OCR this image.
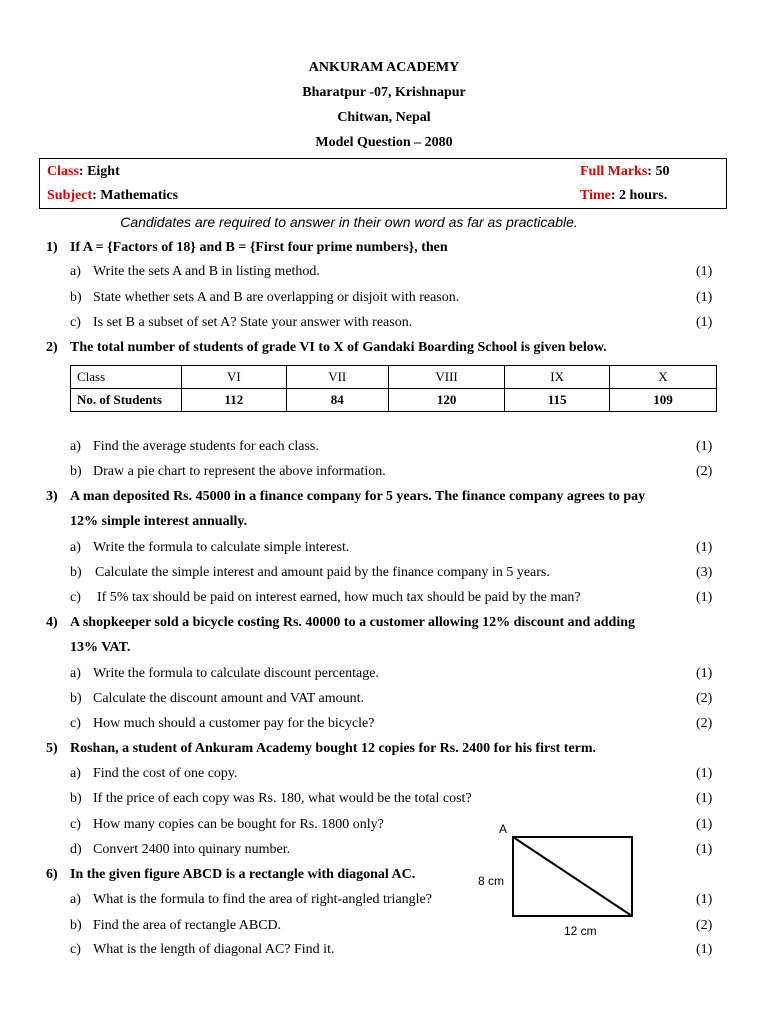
ANKURAM ACADEMY
Bharatpur -07, Krishnapur
Chitwan, Nepal
Model Question – 2080
Class: Eight	Full Marks: 50
Subject: Mathematics	Time: 2 hours.
Candidates are required to answer in their own word as far as practicable.
1) If A = {Factors of 18} and B = {First four prime numbers}, then
a) Write the sets A and B in listing method.	(1)
b) State whether sets A and B are overlapping or disjoit with reason.	(1)
c) Is set B a subset of set A? State your answer with reason.	(1)
2) The total number of students of grade VI to X of Gandaki Boarding School is given below.
Class	VI	VII	VIII	IX	X
No. of Students	112	84	120	115	109
a) Find the average students for each class.	(1)
b) Draw a pie chart to represent the above information.	(2)
3) A man deposited Rs. 45000 in a finance company for 5 years. The finance company agrees to pay
12% simple interest annually.
a) Write the formula to calculate simple interest.	(1)
b) Calculate the simple interest and amount paid by the finance company in 5 years.	(3)
c) If 5% tax should be paid on interest earned, how much tax should be paid by the man?	(1)
4) A shopkeeper sold a bicycle costing Rs. 40000 to a customer allowing 12% discount and adding
13% VAT.
a) Write the formula to calculate discount percentage.	(1)
b) Calculate the discount amount and VAT amount.	(2)
c) How much should a customer pay for the bicycle?	(2)
5) Roshan, a student of Ankuram Academy bought 12 copies for Rs. 2400 for his first term.
a) Find the cost of one copy.	(1)
b) If the price of each copy was Rs. 180, what would be the total cost?	(1)
c) How many copies can be bought for Rs. 1800 only?	(1)
d) Convert 2400 into quinary number.	(1)
6) In the given figure ABCD is a rectangle with diagonal AC.
a) What is the formula to find the area of right-angled triangle?	(1)
b) Find the area of rectangle ABCD.	(2)
c) What is the length of diagonal AC? Find it.	(1)
A
8 cm
12 cm
